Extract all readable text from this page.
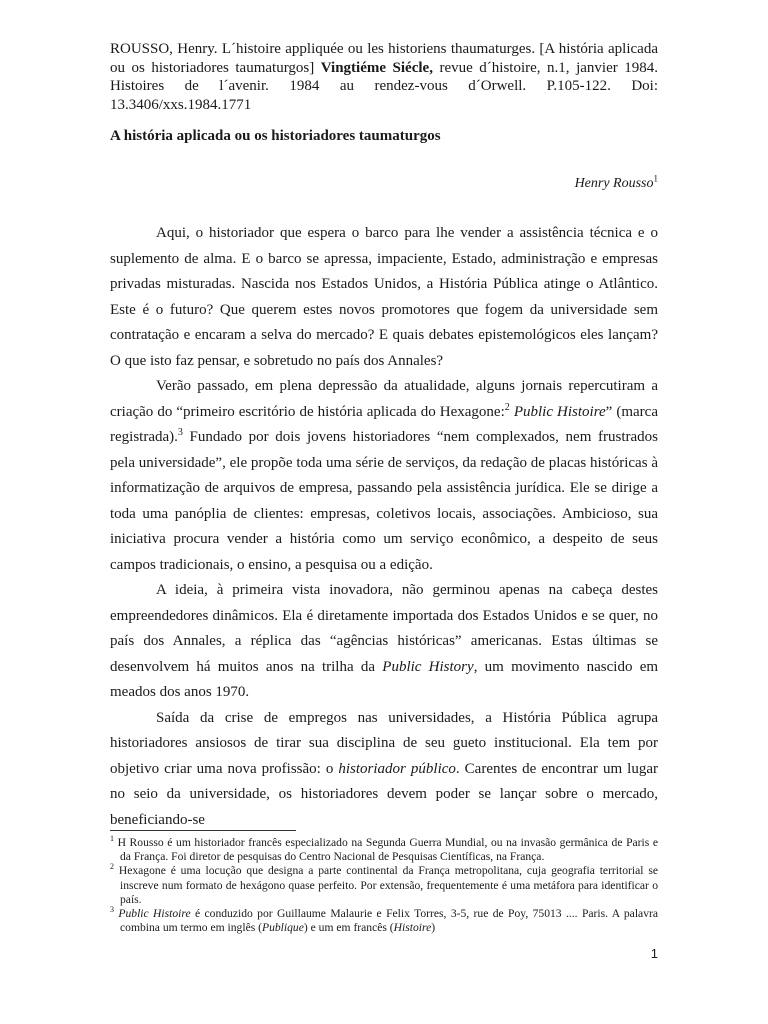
ROUSSO, Henry. L´histoire appliquée ou les historiens thaumaturges. [A história aplicada ou os historiadores taumaturgos] Vingtiéme Siécle, revue d´histoire, n.1, janvier 1984. Histoires de l´avenir. 1984 au rendez-vous d´Orwell. P.105-122. Doi: 13.3406/xxs.1984.1771
A história aplicada ou os historiadores taumaturgos
Henry Rousso$^1$

Aqui, o historiador que espera o barco para lhe vender a assistência técnica e o suplemento de alma. E o barco se apressa, impaciente, Estado, administração e empresas privadas misturadas. Nascida nos Estados Unidos, a História Pública atinge o Atlântico. Este é o futuro? Que querem estes novos promotores que fogem da universidade sem contratação e encaram a selva do mercado? E quais debates epistemológicos eles lançam? O que isto faz pensar, e sobretudo no país dos Annales?

Verão passado, em plena depressão da atualidade, alguns jornais repercutiram a criação do “primeiro escritório de história aplicada do Hexagone:$^2$ Public Histoire” (marca registrada).$^3$ Fundado por dois jovens historiadores “nem complexados, nem frustrados pela universidade”, ele propõe toda uma série de serviços, da redação de placas históricas à informatização de arquivos de empresa, passando pela assistência jurídica. Ele se dirige a toda uma panóplia de clientes: empresas, coletivos locais, associações. Ambicioso, sua iniciativa procura vender a história como um serviço econômico, a despeito de seus campos tradicionais, o ensino, a pesquisa ou a edição.

A ideia, à primeira vista inovadora, não germinou apenas na cabeça destes empreendedores dinâmicos. Ela é diretamente importada dos Estados Unidos e se quer, no país dos Annales, a réplica das “agências históricas” americanas. Estas últimas se desenvolvem há muitos anos na trilha da Public History, um movimento nascido em meados dos anos 1970.

Saída da crise de empregos nas universidades, a História Pública agrupa historiadores ansiosos de tirar sua disciplina de seu gueto institucional. Ela tem por objetivo criar uma nova profissão: o historiador público. Carentes de encontrar um lugar no seio da universidade, os historiadores devem poder se lançar sobre o mercado, beneficiando-se

$^1$ H Rousso é um historiador francês especializado na Segunda Guerra Mundial, ou na invasão germânica de Paris e da França. Foi diretor de pesquisas do Centro Nacional de Pesquisas Científicas, na França.

$^2$ Hexagone é uma locução que designa a parte continental da França metropolitana, cuja geografia territorial se inscreve num formato de hexágono quase perfeito. Por extensão, frequentemente é uma metáfora para identificar o país.

$^3$ Public Histoire é conduzido por Guillaume Malaurie e Felix Torres, 3-5, rue de Poy, 75013 .... Paris. A palavra combina um termo em inglês (Publique) e um em francês (Histoire)

1
